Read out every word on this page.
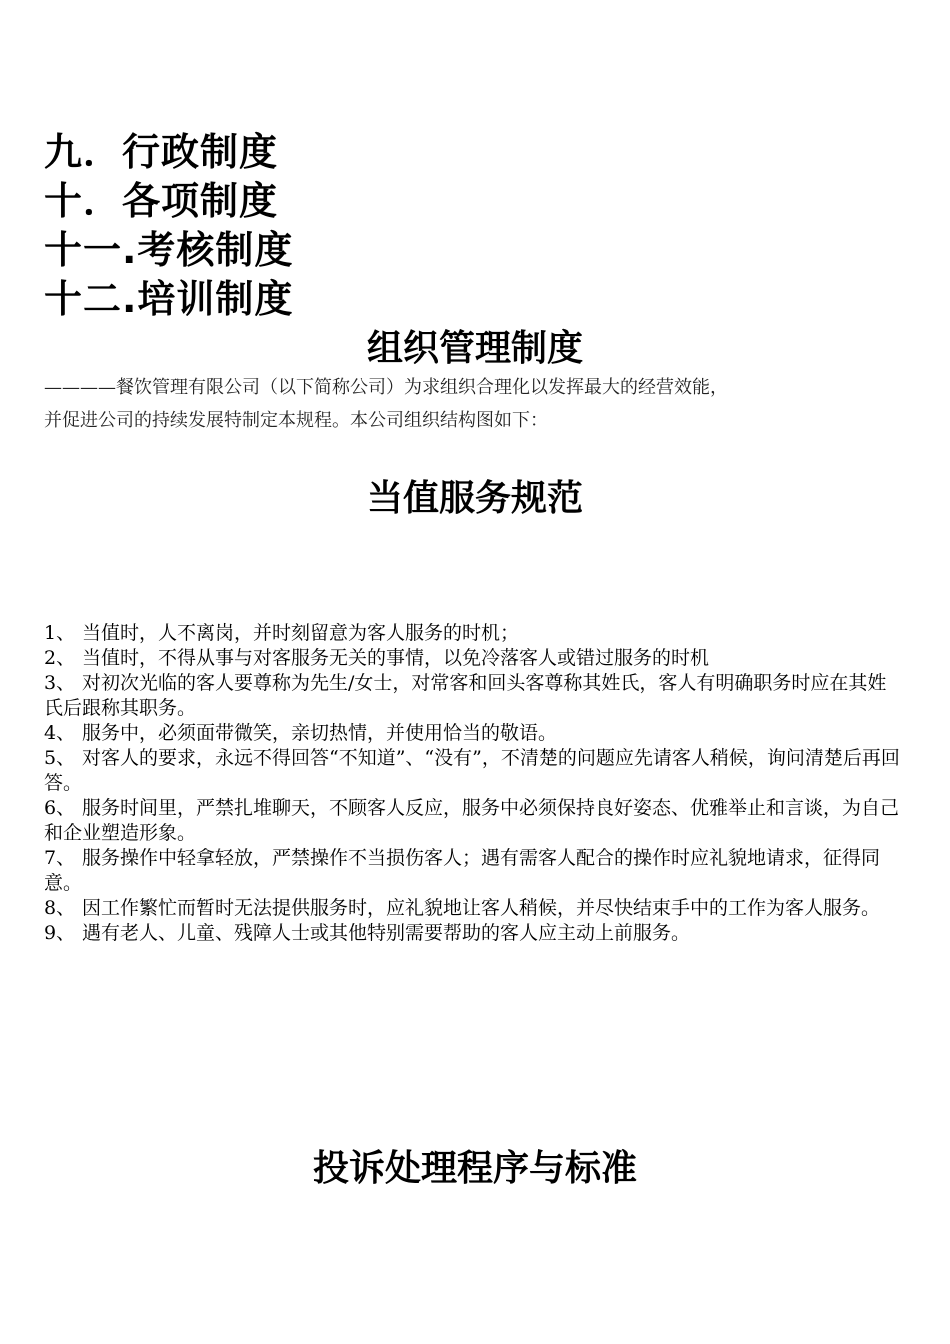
九．行政制度
十．各项制度
十一.考核制度
十二.培训制度
组织管理制度

————餐饮管理有限公司（以下简称公司）为求组织合理化以发挥最大的经营效能，
并促进公司的持续发展特制定本规程。本公司组织结构图如下：

当值服务规范
1、 当值时，人不离岗，并时刻留意为客人服务的时机；
2、 当值时，不得从事与对客服务无关的事情，以免冷落客人或错过服务的时机
3、 对初次光临的客人要尊称为先生/女士，对常客和回头客尊称其姓氏，客人有明确职务时应在其姓氏后跟称其职务。
4、 服务中，必须面带微笑，亲切热情，并使用恰当的敬语。
5、 对客人的要求，永远不得回答“不知道”、“没有”，不清楚的问题应先请客人稍候，询问清楚后再回答。
6、 服务时间里，严禁扎堆聊天，不顾客人反应，服务中必须保持良好姿态、优雅举止和言谈，为自己和企业塑造形象。
7、 服务操作中轻拿轻放，严禁操作不当损伤客人；遇有需客人配合的操作时应礼貌地请求，征得同意。
8、 因工作繁忙而暂时无法提供服务时，应礼貌地让客人稍候，并尽快结束手中的工作为客人服务。
9、 遇有老人、儿童、残障人士或其他特别需要帮助的客人应主动上前服务。
投诉处理程序与标准
